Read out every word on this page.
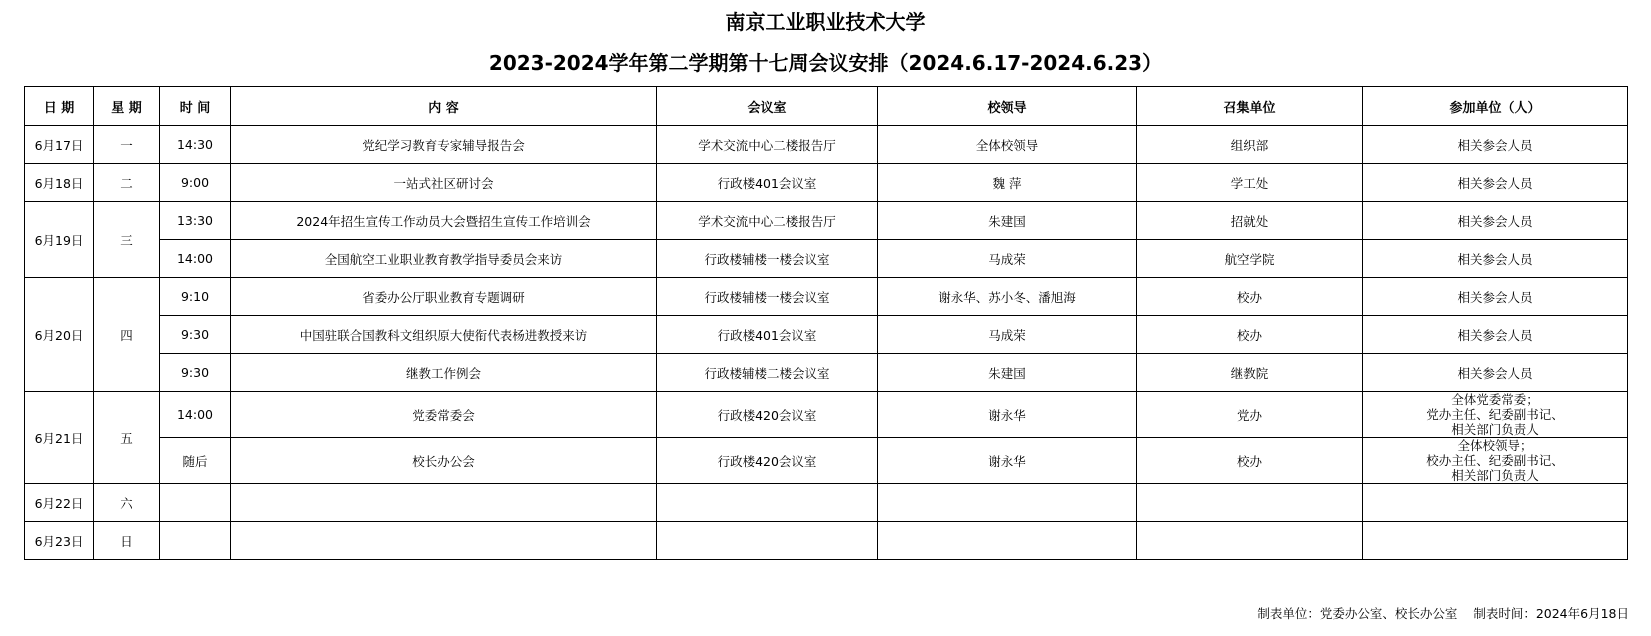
南京工业职业技术大学
2023-2024学年第二学期第十七周会议安排（2024.6.17-2024.6.23）
日 期	星 期	时 间	内 容	会议室	校领导	召集单位	参加单位（人）
6月17日	一	14:30	党纪学习教育专家辅导报告会	学术交流中心二楼报告厅	全体校领导	组织部	相关参会人员
6月18日	二	9:00	一站式社区研讨会	行政楼401会议室	魏 萍	学工处	相关参会人员
6月19日	三	13:30	2024年招生宣传工作动员大会暨招生宣传工作培训会	学术交流中心二楼报告厅	朱建国	招就处	相关参会人员
		14:00	全国航空工业职业教育教学指导委员会来访	行政楼辅楼一楼会议室	马成荣	航空学院	相关参会人员
6月20日	四	9:10	省委办公厅职业教育专题调研	行政楼辅楼一楼会议室	谢永华、苏小冬、潘旭海	校办	相关参会人员
		9:30	中国驻联合国教科文组织原大使衔代表杨进教授来访	行政楼401会议室	马成荣	校办	相关参会人员
		9:30	继教工作例会	行政楼辅楼二楼会议室	朱建国	继教院	相关参会人员
6月21日	五	14:00	党委常委会	行政楼420会议室	谢永华	党办	全体党委常委；
党办主任、纪委副书记、
相关部门负责人

		随后	校长办公会	行政楼420会议室	谢永华	校办	全体校领导；
校办主任、纪委副书记、
相关部门负责人

6月22日	六						
6月23日	日						
制表单位：党委办公室、校长办公室 制表时间：2024年6月18日
